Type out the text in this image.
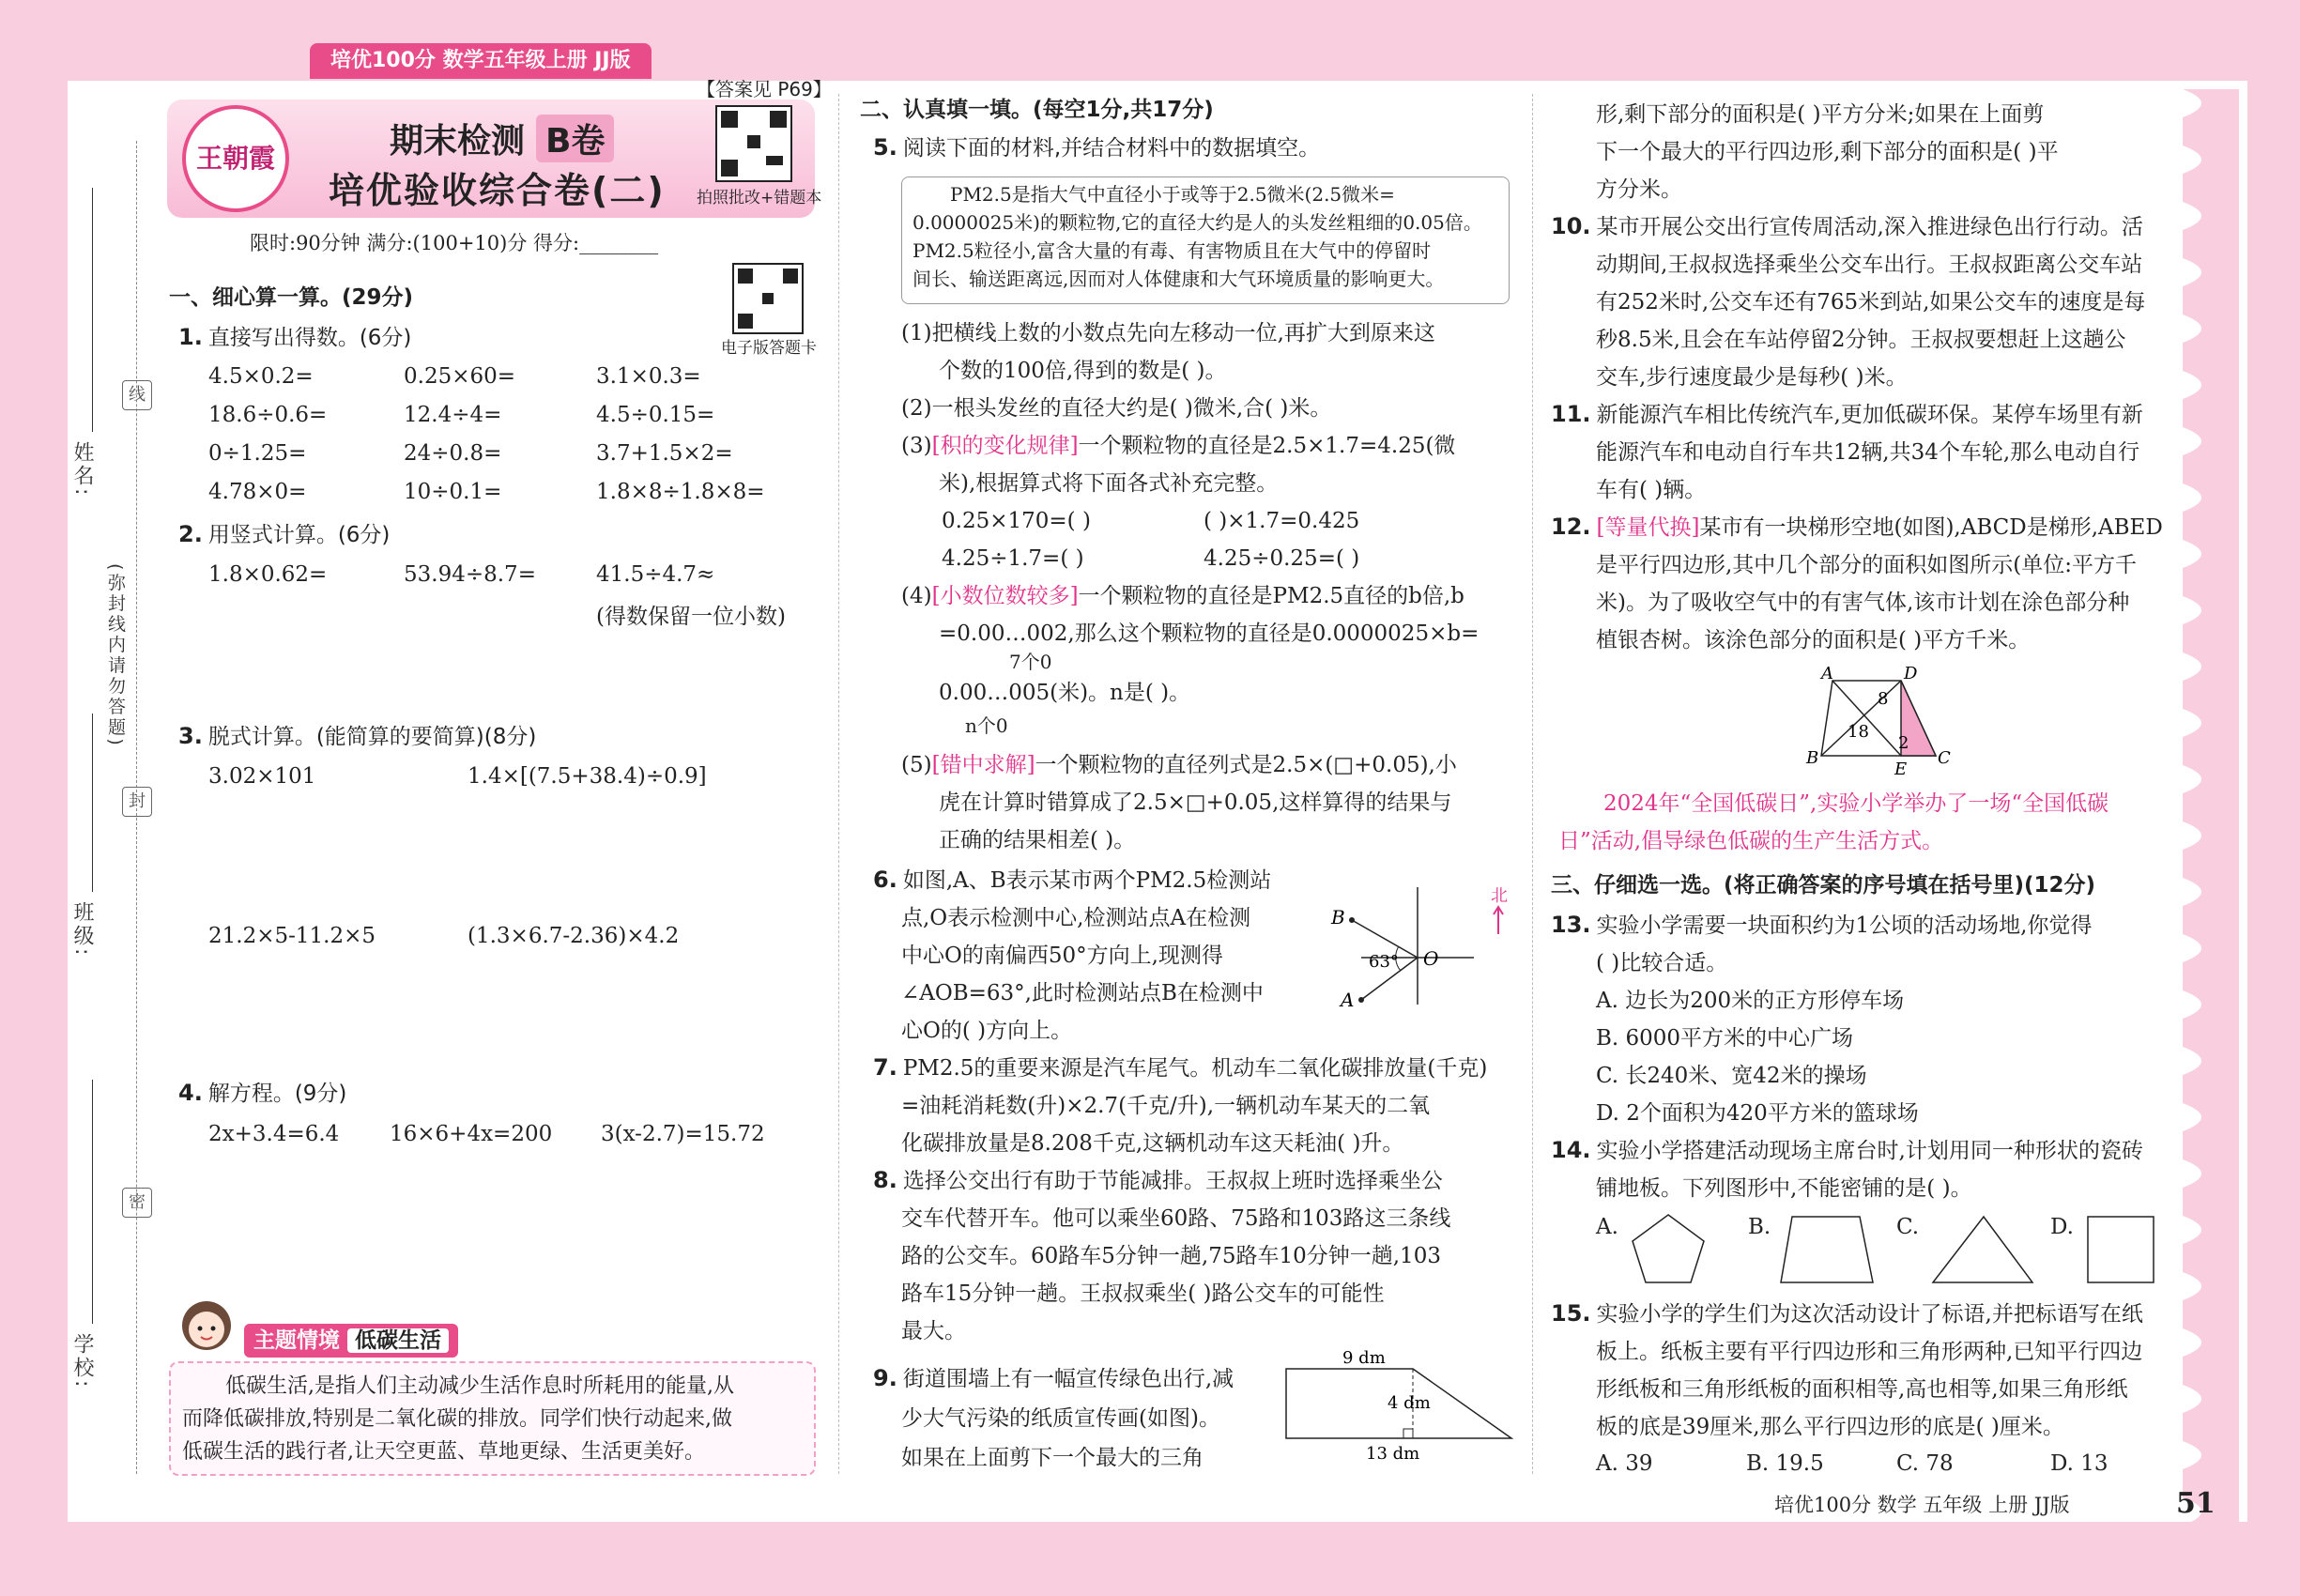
培优100分 数学五年级上册 JJ版
姓名:
班级:
学校:
线
(弥封线内请勿答题)
封
密
王朝霞
【答案见 P69】
期末检测 B卷
培优验收综合卷(二) 拍照批改+错题本
限时:90分钟 满分:(100+10)分 得分:________
电子版答题卡
一、细心算一算。(29分)
1. 直接写出得数。(6分)
4.5×0.2=	0.25×60=	3.1×0.3=
18.6÷0.6=	12.4÷4=	4.5÷0.15=
0÷1.25=	24÷0.8=	3.7+1.5×2=
4.78×0=	10÷0.1=	1.8×8÷1.8×8=
2. 用竖式计算。(6分)
1.8×0.62=	53.94÷8.7=	41.5÷4.7≈
(得数保留一位小数)
3. 脱式计算。(能简算的要简算)(8分)
3.02×101	1.4×[(7.5+38.4)÷0.9]
21.2×5-11.2×5	(1.3×6.7-2.36)×4.2
4. 解方程。(9分)
2x+3.4=6.4 16×6+4x=200 3(x-2.7)=15.72
主题情境 低碳生活
低碳生活,是指人们主动减少生活作息时所耗用的能量,从
而降低碳排放,特别是二氧化碳的排放。同学们快行动起来,做
低碳生活的践行者,让天空更蓝、草地更绿、生活更美好。
二、认真填一填。(每空1分,共17分)
5. 阅读下面的材料,并结合材料中的数据填空。
PM2.5是指大气中直径小于或等于2.5微米(2.5微米=
0.0000025米)的颗粒物,它的直径大约是人的头发丝粗细的0.05倍。
PM2.5粒径小,富含大量的有毒、有害物质且在大气中的停留时
间长、输送距离远,因而对人体健康和大气环境质量的影响更大。
(1)把横线上数的小数点先向左移动一位,再扩大到原来这
个数的100倍,得到的数是( )。
(2)一根头发丝的直径大约是( )微米,合( )米。
(3)[积的变化规律]一个颗粒物的直径是2.5×1.7=4.25(微
米),根据算式将下面各式补充完整。
0.25×170=( )	( )×1.7=0.425
4.25÷1.7=( )	4.25÷0.25=( )
(4)[小数位数较多]一个颗粒物的直径是PM2.5直径的b倍,b
=0.00…002,那么这个颗粒物的直径是0.0000025×b=
7个0
0.00…005(米)。n是( )。
n个0
(5)[错中求解]一个颗粒物的直径列式是2.5×(□+0.05),小
虎在计算时错算成了2.5×□+0.05,这样算得的结果与
正确的结果相差( )。
6. 如图,A、B表示某市两个PM2.5检测站
点,O表示检测中心,检测站点A在检测
中心O的南偏西50°方向上,现测得
∠AOB=63°,此时检测站点B在检测中
心O的( )方向上。
B
A
O
63°
北
7. PM2.5的重要来源是汽车尾气。机动车二氧化碳排放量(千克)
=油耗消耗数(升)×2.7(千克/升),一辆机动车某天的二氧
化碳排放量是8.208千克,这辆机动车这天耗油( )升。
8. 选择公交出行有助于节能减排。王叔叔上班时选择乘坐公
交车代替开车。他可以乘坐60路、75路和103路这三条线
路的公交车。60路车5分钟一趟,75路车10分钟一趟,103
路车15分钟一趟。王叔叔乘坐( )路公交车的可能性
最大。
9. 街道围墙上有一幅宣传绿色出行,减
少大气污染的纸质宣传画(如图)。
如果在上面剪下一个最大的三角
9 dm
4 dm
13 dm
形,剩下部分的面积是( )平方分米;如果在上面剪
下一个最大的平行四边形,剩下部分的面积是( )平
方分米。
10. 某市开展公交出行宣传周活动,深入推进绿色出行行动。活
动期间,王叔叔选择乘坐公交车出行。王叔叔距离公交车站
有252米时,公交车还有765米到站,如果公交车的速度是每
秒8.5米,且会在车站停留2分钟。王叔叔要想赶上这趟公
交车,步行速度最少是每秒( )米。
11. 新能源汽车相比传统汽车,更加低碳环保。某停车场里有新
能源汽车和电动自行车共12辆,共34个车轮,那么电动自行
车有( )辆。
12. [等量代换]某市有一块梯形空地(如图),ABCD是梯形,ABED
是平行四边形,其中几个部分的面积如图所示(单位:平方千
米)。为了吸收空气中的有害气体,该市计划在涂色部分种
植银杏树。该涂色部分的面积是( )平方千米。
A	D
B	C
E
8
18
2
2024年“全国低碳日”,实验小学举办了一场“全国低碳
日”活动,倡导绿色低碳的生产生活方式。
三、仔细选一选。(将正确答案的序号填在括号里)(12分)
13. 实验小学需要一块面积约为1公顷的活动场地,你觉得
( )比较合适。
A. 边长为200米的正方形停车场
B. 6000平方米的中心广场
C. 长240米、宽42米的操场
D. 2个面积为420平方米的篮球场
14. 实验小学搭建活动现场主席台时,计划用同一种形状的瓷砖
铺地板。下列图形中,不能密铺的是( )。
A.	B.	C.	D.
15. 实验小学的学生们为这次活动设计了标语,并把标语写在纸
板上。纸板主要有平行四边形和三角形两种,已知平行四边
形纸板和三角形纸板的面积相等,高也相等,如果三角形纸
板的底是39厘米,那么平行四边形的底是( )厘米。
A. 39	B. 19.5	C. 78	D. 13
培优100分 数学 五年级 上册 JJ版	51
